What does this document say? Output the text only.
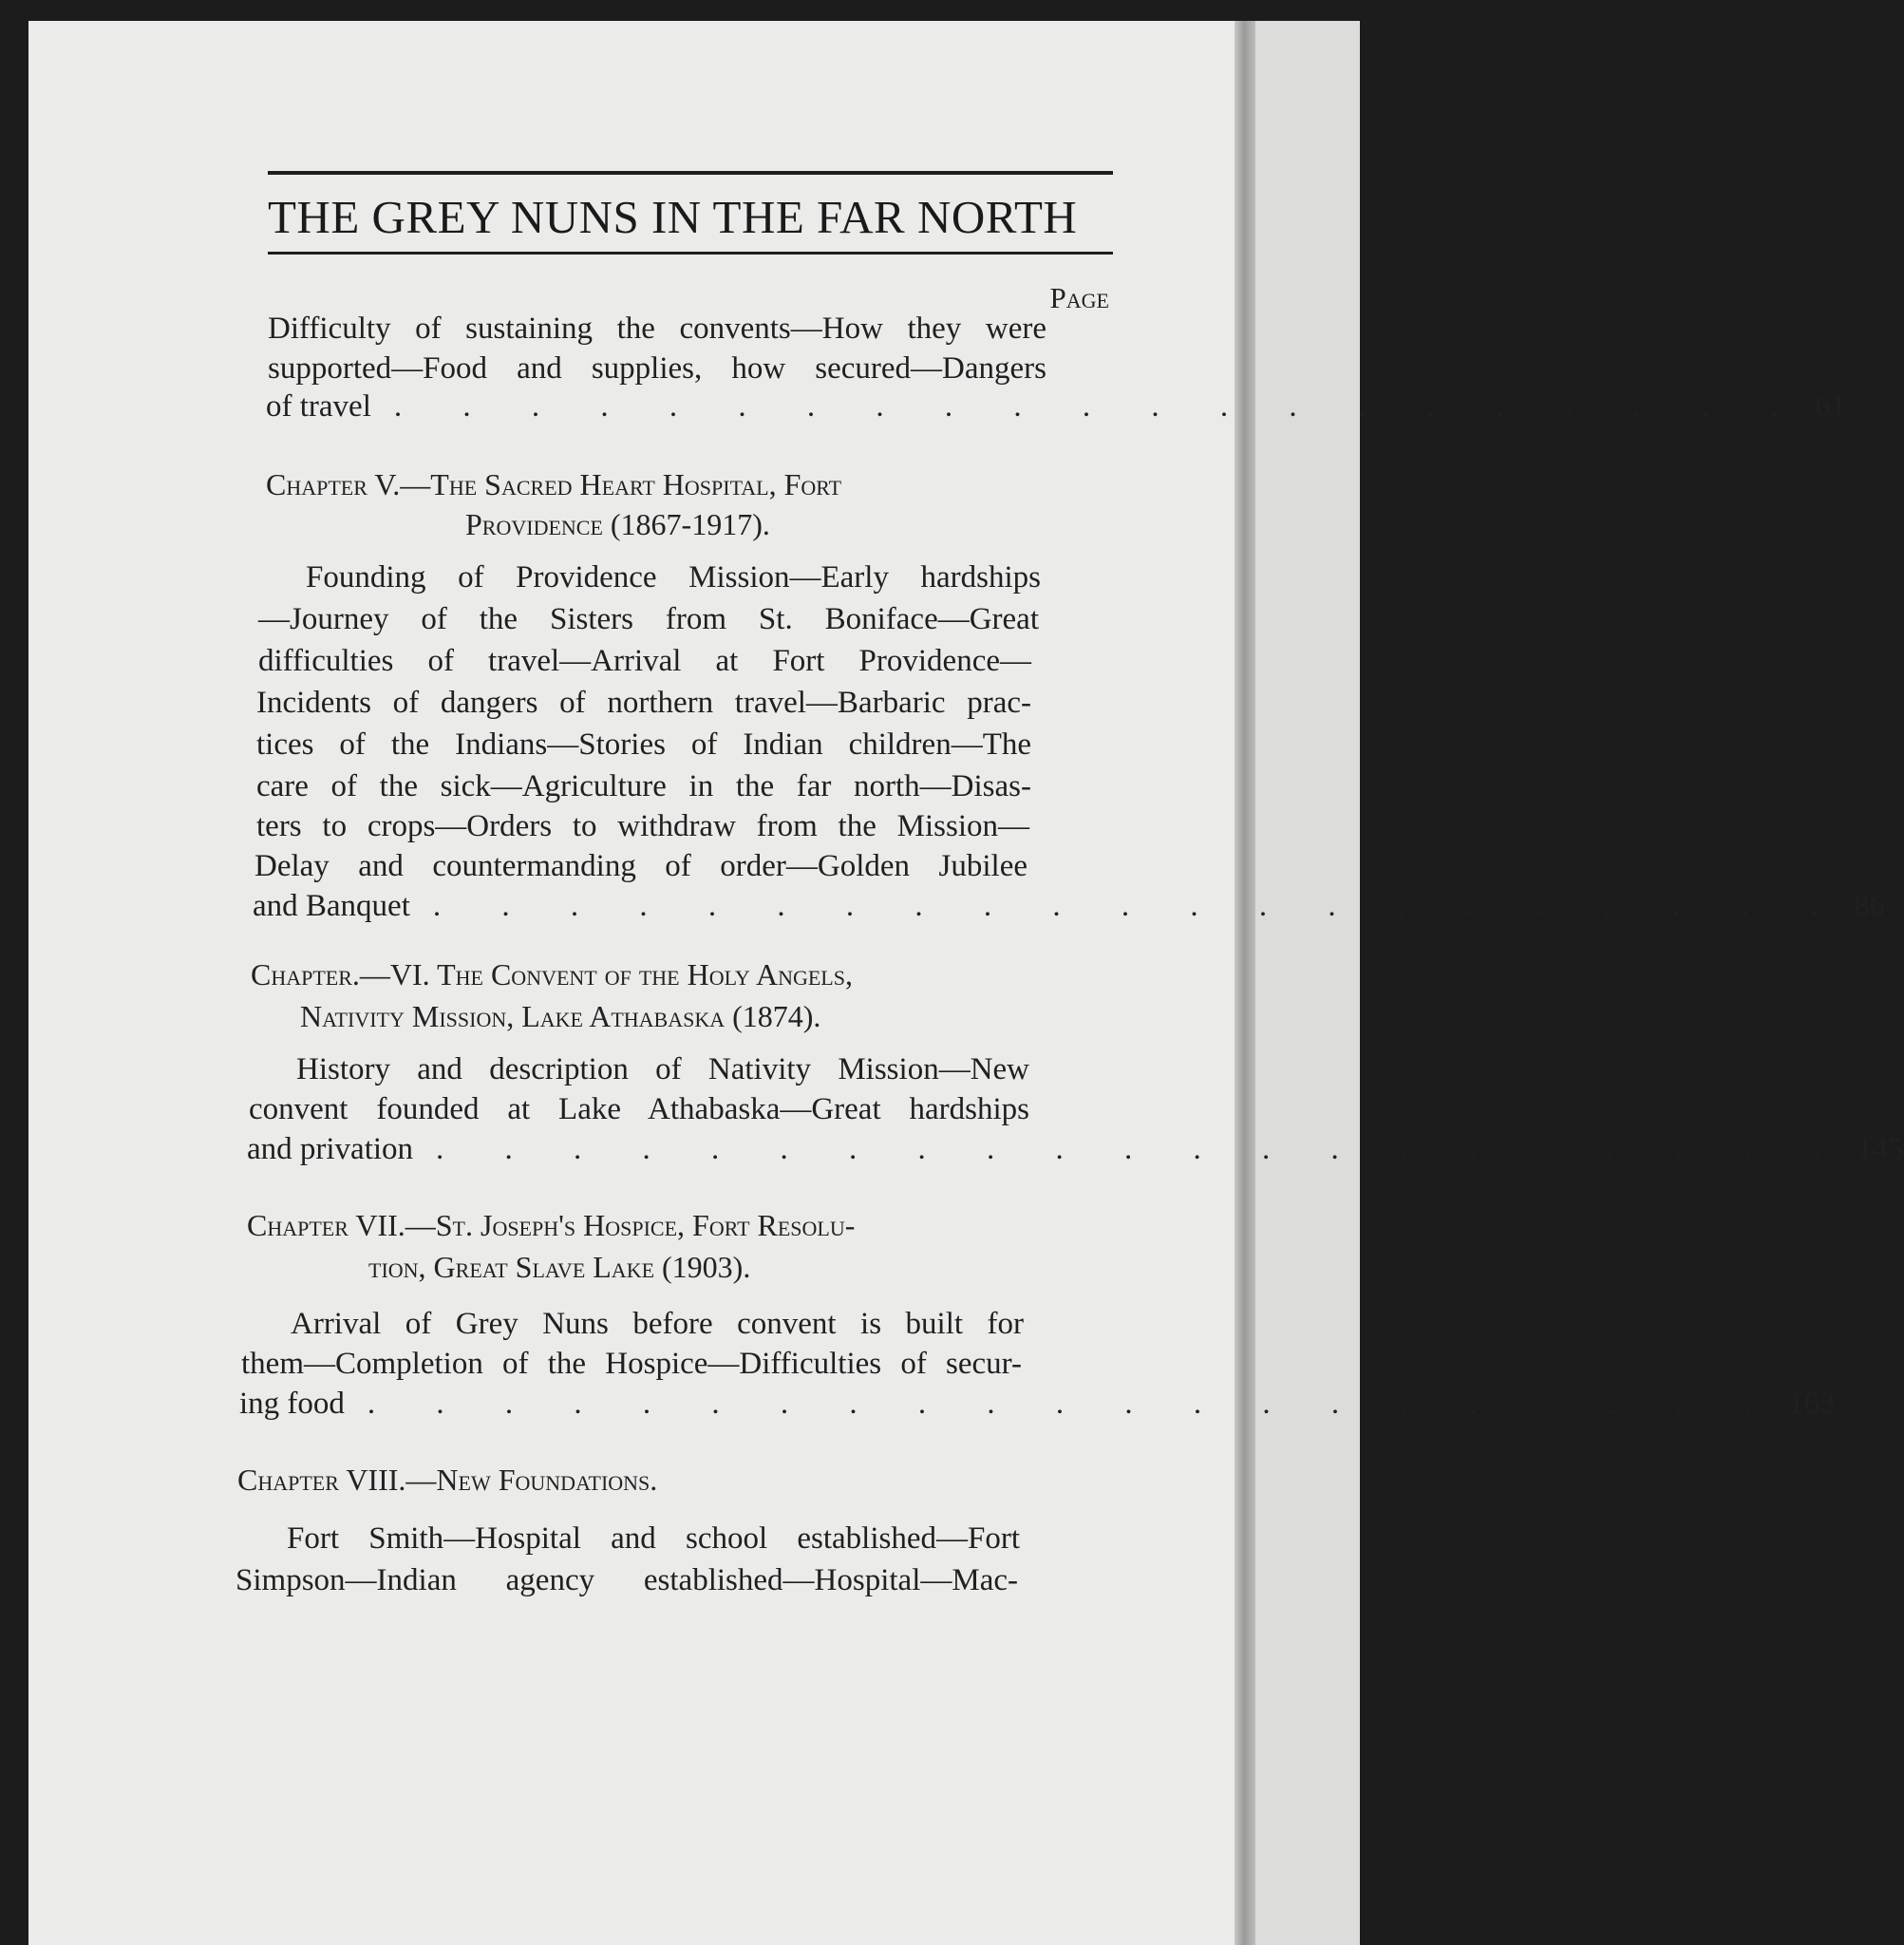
THE GREY NUNS IN THE FAR NORTH
Page
Difficulty of sustaining the convents—How they were
supported—Food and supplies, how secured—Dangers
of travel . . . . . . . . . . . . . . . . . . . . . 61
Chapter V.—The Sacred Heart Hospital, Fort
Providence (1867-1917).
Founding of Providence Mission—Early hardships
—Journey of the Sisters from St. Boniface—Great
difficulties of travel—Arrival at Fort Providence—
Incidents of dangers of northern travel—Barbaric prac-
tices of the Indians—Stories of Indian children—The
care of the sick—Agriculture in the far north—Disas-
ters to crops—Orders to withdraw from the Mission—
Delay and countermanding of order—Golden Jubilee
and Banquet . . . . . . . . . . . . . . . . . . . . . 86
Chapter.—VI. The Convent of the Holy Angels,
Nativity Mission, Lake Athabaska (1874).
History and description of Nativity Mission—New
convent founded at Lake Athabaska—Great hardships
and privation . . . . . . . . . . . . . . . . . . . . . 145
Chapter VII.—St. Joseph's Hospice, Fort Resolu-
tion, Great Slave Lake (1903).
Arrival of Grey Nuns before convent is built for
them—Completion of the Hospice—Difficulties of secur-
ing food . . . . . . . . . . . . . . . . . . . . . 163
Chapter VIII.—New Foundations.
Fort Smith—Hospital and school established—Fort
Simpson—Indian agency established—Hospital—Mac-
